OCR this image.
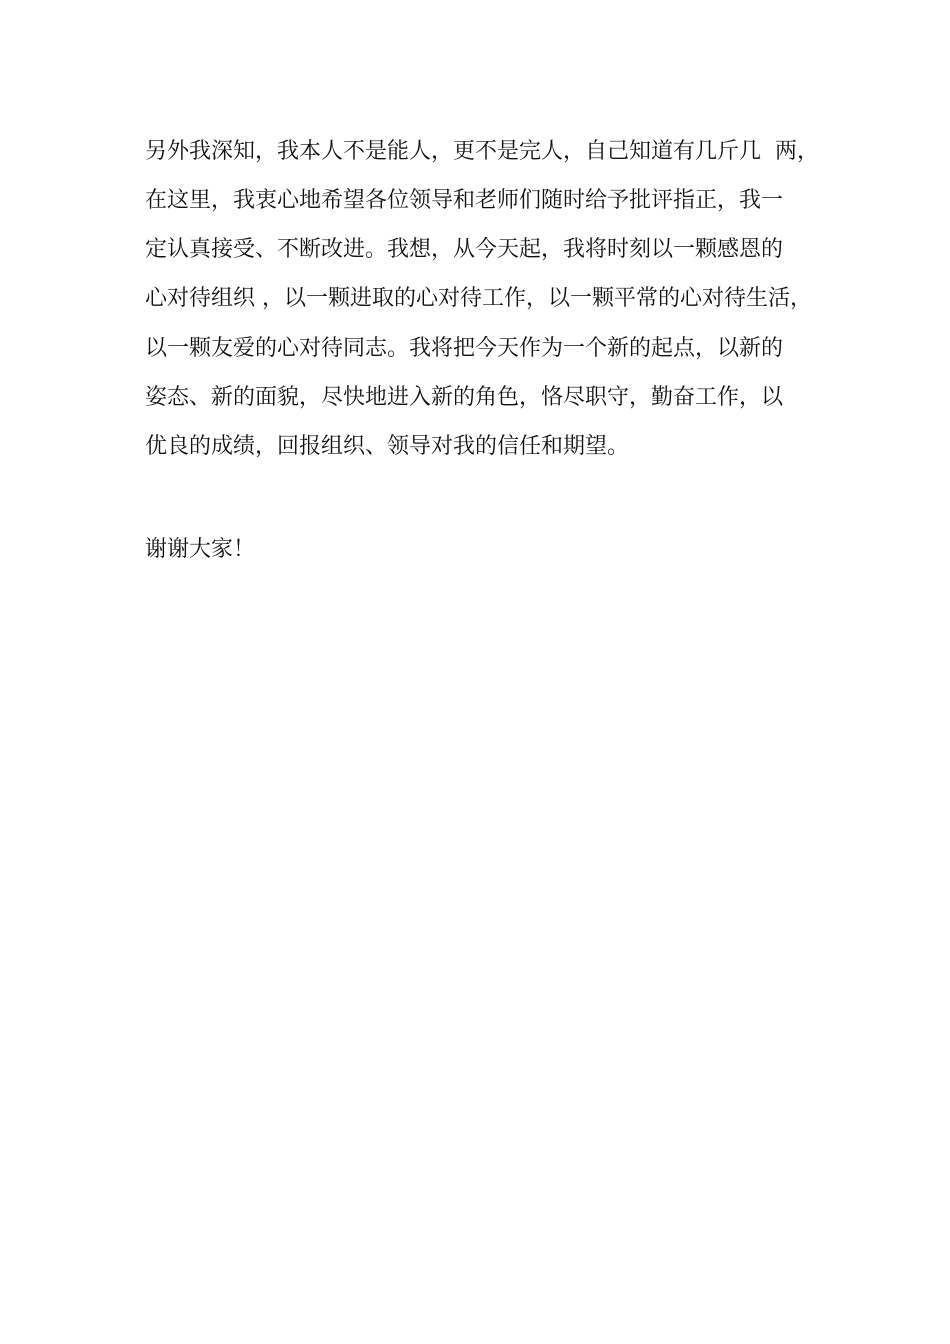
另外我深知，我本人不是能人，更不是完人，自己知道有几斤几  两，
在这里，我衷心地希望各位领导和老师们随时给予批评指正，我一
定认真接受、不断改进。我想，从今天起，我将时刻以一颗感恩的
心对待组织 ，以一颗进取的心对待工作，以一颗平常的心对待生活，
以一颗友爱的心对待同志。我将把今天作为一个新的起点，以新的
姿态、新的面貌，尽快地进入新的角色，恪尽职守，勤奋工作，以
优良的成绩，回报组织、领导对我的信任和期望。
谢谢大家！
